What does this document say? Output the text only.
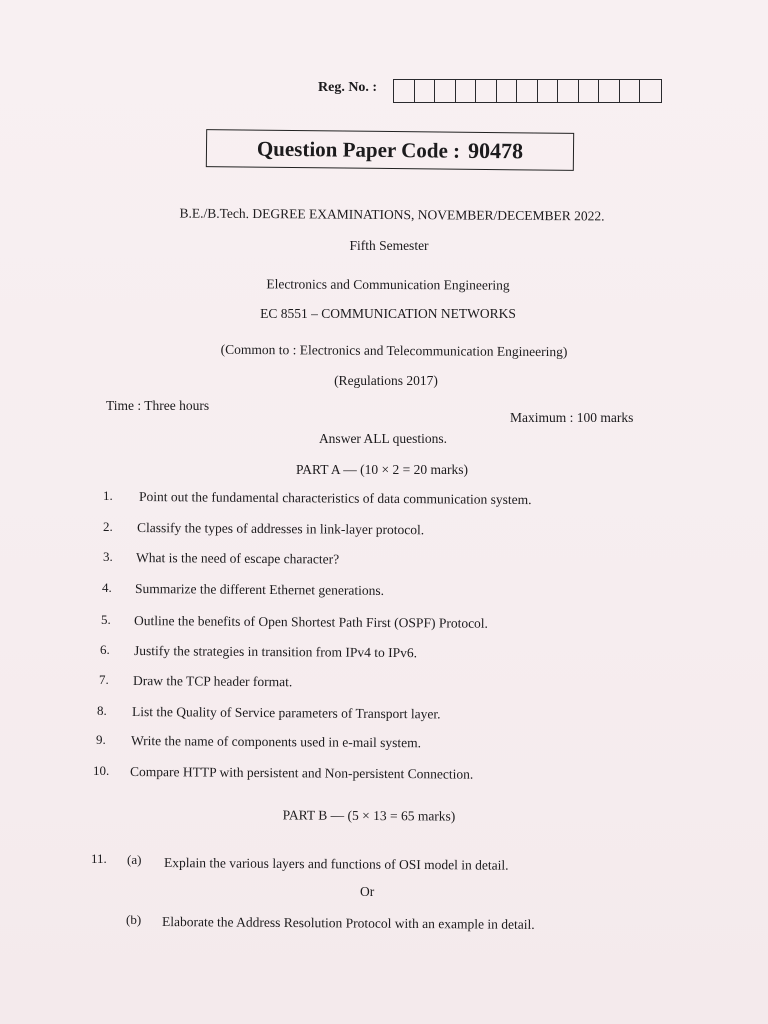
Reg. No. :
Question Paper Code : 90478
B.E./B.Tech. DEGREE EXAMINATIONS, NOVEMBER/DECEMBER 2022.
Fifth Semester
Electronics and Communication Engineering
EC 8551 – COMMUNICATION NETWORKS
(Common to : Electronics and Telecommunication Engineering)
(Regulations 2017)
Time : Three hours
Maximum : 100 marks
Answer ALL questions.
PART A — (10 × 2 = 20 marks)
1. Point out the fundamental characteristics of data communication system.
2. Classify the types of addresses in link-layer protocol.
3. What is the need of escape character?
4. Summarize the different Ethernet generations.
5. Outline the benefits of Open Shortest Path First (OSPF) Protocol.
6. Justify the strategies in transition from IPv4 to IPv6.
7. Draw the TCP header format.
8. List the Quality of Service parameters of Transport layer.
9. Write the name of components used in e-mail system.
10. Compare HTTP with persistent and Non-persistent Connection.
PART B — (5 × 13 = 65 marks)
11. (a) Explain the various layers and functions of OSI model in detail.
Or
(b) Elaborate the Address Resolution Protocol with an example in detail.
